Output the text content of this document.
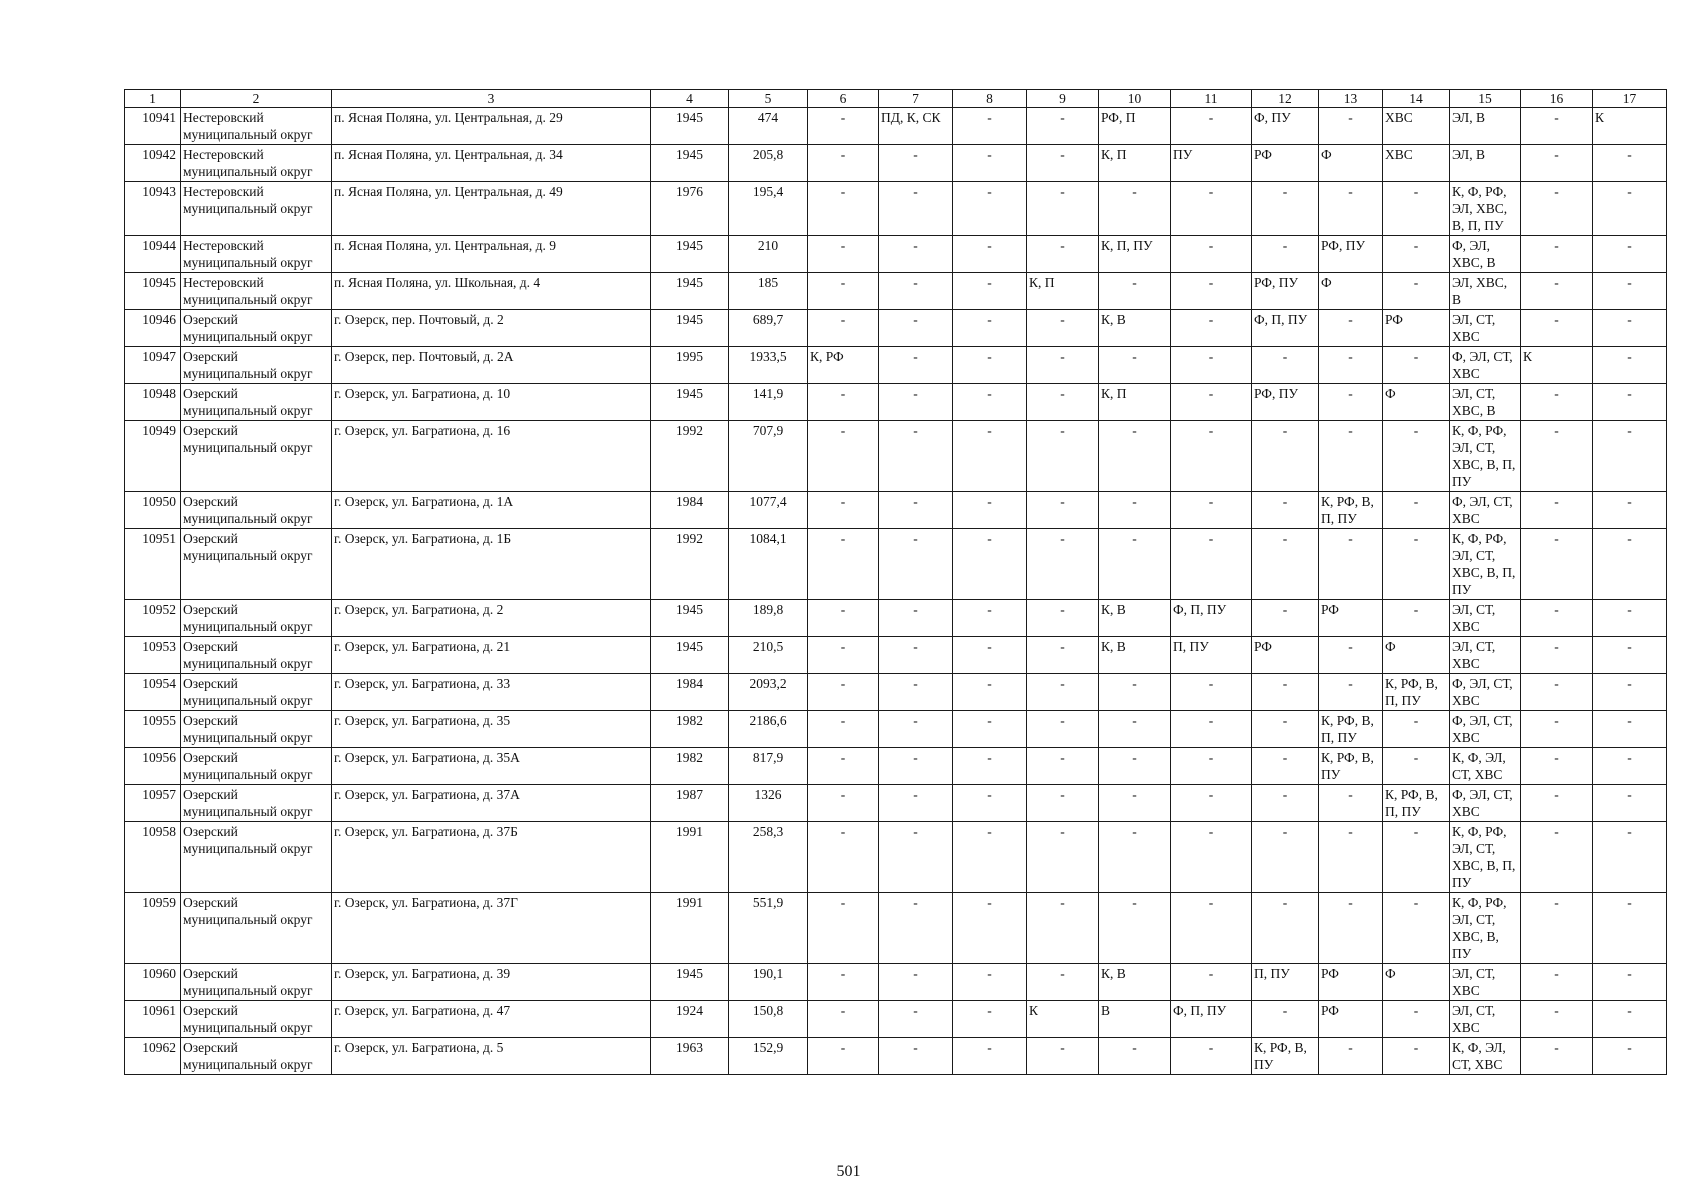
1	2	3	4	5	6	7	8	9	10	11	12	13	14	15	16	17
10941	Нестеровский муниципальный округ	п. Ясная Поляна, ул. Центральная, д. 29	1945	474	-	ПД, К, СК	-	-	РФ, П	-	Ф, ПУ	-	ХВС	ЭЛ, В	-	К
10942	Нестеровский муниципальный округ	п. Ясная Поляна, ул. Центральная, д. 34	1945	205,8	-	-	-	-	К, П	ПУ	РФ	Ф	ХВС	ЭЛ, В	-	-
10943	Нестеровский муниципальный округ	п. Ясная Поляна, ул. Центральная, д. 49	1976	195,4	-	-	-	-	-	-	-	-	-	К, Ф, РФ, ЭЛ, ХВС, В, П, ПУ	-	-
10944	Нестеровский муниципальный округ	п. Ясная Поляна, ул. Центральная, д. 9	1945	210	-	-	-	-	К, П, ПУ	-	-	РФ, ПУ	-	Ф, ЭЛ, ХВС, В	-	-
10945	Нестеровский муниципальный округ	п. Ясная Поляна, ул. Школьная, д. 4	1945	185	-	-	-	К, П	-	-	РФ, ПУ	Ф	-	ЭЛ, ХВС, В	-	-
10946	Озерский муниципальный округ	г. Озерск, пер. Почтовый, д. 2	1945	689,7	-	-	-	-	К, В	-	Ф, П, ПУ	-	РФ	ЭЛ, СТ, ХВС	-	-
10947	Озерский муниципальный округ	г. Озерск, пер. Почтовый, д. 2А	1995	1933,5	К, РФ	-	-	-	-	-	-	-	-	Ф, ЭЛ, СТ, ХВС	К	-
10948	Озерский муниципальный округ	г. Озерск, ул. Багратиона, д. 10	1945	141,9	-	-	-	-	К, П	-	РФ, ПУ	-	Ф	ЭЛ, СТ, ХВС, В	-	-
10949	Озерский муниципальный округ	г. Озерск, ул. Багратиона, д. 16	1992	707,9	-	-	-	-	-	-	-	-	-	К, Ф, РФ, ЭЛ, СТ, ХВС, В, П, ПУ	-	-
10950	Озерский муниципальный округ	г. Озерск, ул. Багратиона, д. 1А	1984	1077,4	-	-	-	-	-	-	-	К, РФ, В, П, ПУ	-	Ф, ЭЛ, СТ, ХВС	-	-
10951	Озерский муниципальный округ	г. Озерск, ул. Багратиона, д. 1Б	1992	1084,1	-	-	-	-	-	-	-	-	-	К, Ф, РФ, ЭЛ, СТ, ХВС, В, П, ПУ	-	-
10952	Озерский муниципальный округ	г. Озерск, ул. Багратиона, д. 2	1945	189,8	-	-	-	-	К, В	Ф, П, ПУ	-	РФ	-	ЭЛ, СТ, ХВС	-	-
10953	Озерский муниципальный округ	г. Озерск, ул. Багратиона, д. 21	1945	210,5	-	-	-	-	К, В	П, ПУ	РФ	-	Ф	ЭЛ, СТ, ХВС	-	-
10954	Озерский муниципальный округ	г. Озерск, ул. Багратиона, д. 33	1984	2093,2	-	-	-	-	-	-	-	-	К, РФ, В, П, ПУ	Ф, ЭЛ, СТ, ХВС	-	-
10955	Озерский муниципальный округ	г. Озерск, ул. Багратиона, д. 35	1982	2186,6	-	-	-	-	-	-	-	К, РФ, В, П, ПУ	-	Ф, ЭЛ, СТ, ХВС	-	-
10956	Озерский муниципальный округ	г. Озерск, ул. Багратиона, д. 35А	1982	817,9	-	-	-	-	-	-	-	К, РФ, В, ПУ	-	К, Ф, ЭЛ, СТ, ХВС	-	-
10957	Озерский муниципальный округ	г. Озерск, ул. Багратиона, д. 37А	1987	1326	-	-	-	-	-	-	-	-	К, РФ, В, П, ПУ	Ф, ЭЛ, СТ, ХВС	-	-
10958	Озерский муниципальный округ	г. Озерск, ул. Багратиона, д. 37Б	1991	258,3	-	-	-	-	-	-	-	-	-	К, Ф, РФ, ЭЛ, СТ, ХВС, В, П, ПУ	-	-
10959	Озерский муниципальный округ	г. Озерск, ул. Багратиона, д. 37Г	1991	551,9	-	-	-	-	-	-	-	-	-	К, Ф, РФ, ЭЛ, СТ, ХВС, В, ПУ	-	-
10960	Озерский муниципальный округ	г. Озерск, ул. Багратиона, д. 39	1945	190,1	-	-	-	-	К, В	-	П, ПУ	РФ	Ф	ЭЛ, СТ, ХВС	-	-
10961	Озерский муниципальный округ	г. Озерск, ул. Багратиона, д. 47	1924	150,8	-	-	-	К	В	Ф, П, ПУ	-	РФ	-	ЭЛ, СТ, ХВС	-	-
10962	Озерский муниципальный округ	г. Озерск, ул. Багратиона, д. 5	1963	152,9	-	-	-	-	-	-	К, РФ, В, ПУ	-	-	К, Ф, ЭЛ, СТ, ХВС	-	-
501
